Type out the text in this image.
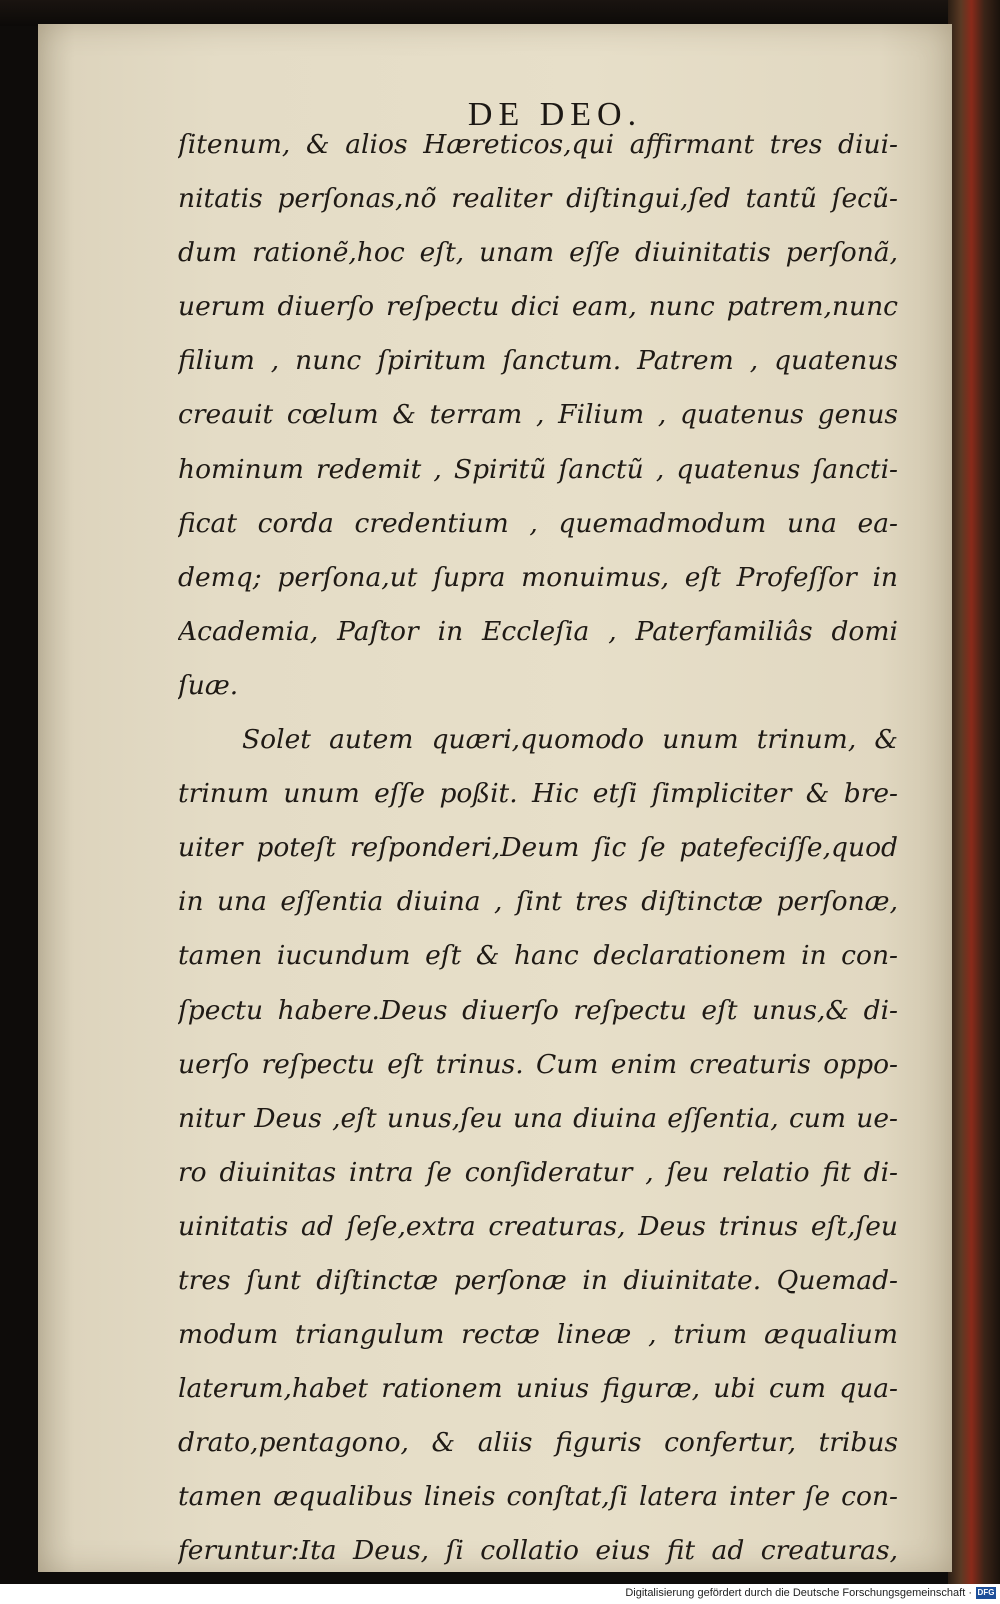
DE DEO.
ſitenum, & alios Hæreticos,qui affirmant tres diui-
nitatis perſonas,nõ realiter diſtingui,ſed tantũ ſecũ-
dum rationẽ,hoc eſt, unam eſſe diuinitatis perſonã,
uerum diuerſo reſpectu dici eam, nunc patrem,nunc
filium , nunc ſpiritum ſanctum. Patrem , quatenus
creauit cœlum & terram , Filium , quatenus genus
hominum redemit , Spiritũ ſanctũ , quatenus ſancti-
ficat corda credentium , quemadmodum una ea-
demq; perſona,ut ſupra monuimus, eſt Profeſſor in
Academia, Paſtor in Eccleſia , Paterfamiliâs domi
ſuæ.
Solet autem quæri,quomodo unum trinum, &
trinum unum eſſe poßit. Hic etſi ſimpliciter & bre-
uiter poteſt reſponderi,Deum ſic ſe patefeciſſe,quod
in una eſſentia diuina , ſint tres diſtinctæ perſonæ,
tamen iucundum eſt & hanc declarationem in con-
ſpectu habere.Deus diuerſo reſpectu eſt unus,& di-
uerſo reſpectu eſt trinus. Cum enim creaturis oppo-
nitur Deus ,eſt unus,ſeu una diuina eſſentia, cum ue-
ro diuinitas intra ſe conſideratur , ſeu relatio fit di-
uinitatis ad ſeſe,extra creaturas, Deus trinus eſt,ſeu
tres ſunt diſtinctæ perſonæ in diuinitate. Quemad-
modum triangulum rectæ lineæ , trium æqualium
laterum,habet rationem unius figuræ, ubi cum qua-
drato,pentagono, & aliis figuris confertur, tribus
tamen æqualibus lineis conſtat,ſi latera inter ſe con-
feruntur:Ita Deus, ſi collatio eius fit ad creaturas,
Digitalisierung gefördert durch die Deutsche Forschungsgemeinschaft · DFG
